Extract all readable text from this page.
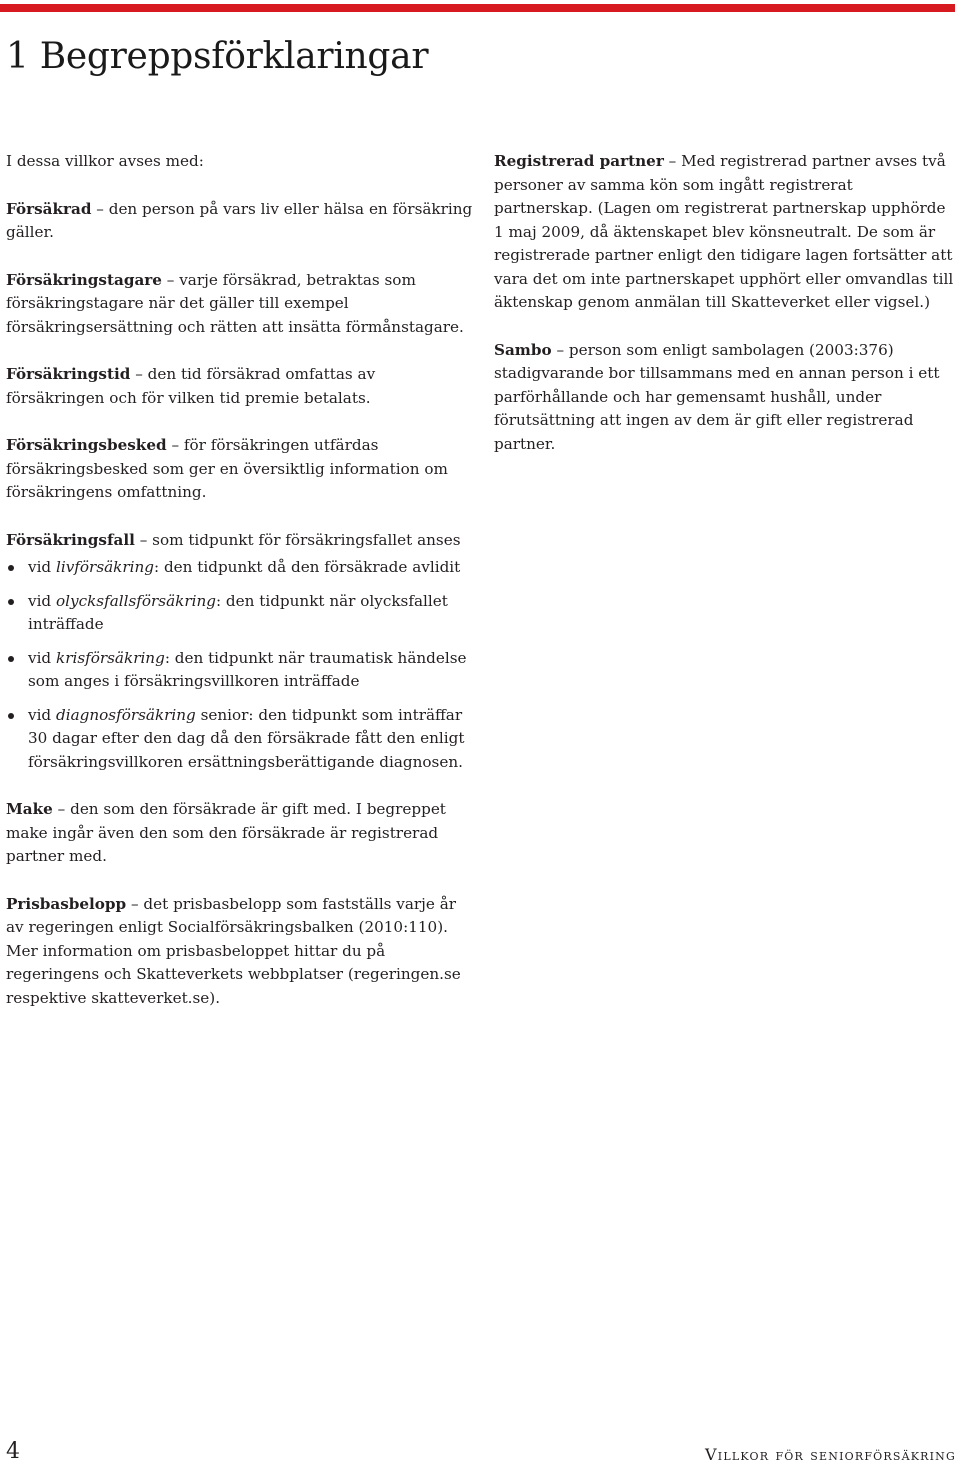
1 Begreppsförklaringar

I dessa villkor avses med:

Försäkrad – den person på vars liv eller hälsa en försäkring gäller.

Försäkringstagare – varje försäkrad, betraktas som försäkringstagare när det gäller till exempel försäkringsersättning och rätten att insätta förmånstagare.

Försäkringstid – den tid försäkrad omfattas av försäkringen och för vilken tid premie betalats.

Försäkringsbesked – för försäkringen utfärdas försäkringsbesked som ger en översiktlig information om försäkringens omfattning.

Försäkringsfall – som tidpunkt för försäkringsfallet anses

vid livförsäkring: den tidpunkt då den försäkrade avlidit
vid olycksfallsförsäkring: den tidpunkt när olycksfallet inträffade
vid krisförsäkring: den tidpunkt när traumatisk händelse som anges i försäkringsvillkoren inträffade
vid diagnosförsäkring senior: den tidpunkt som inträffar 30 dagar efter den dag då den försäkrade fått den enligt försäkringsvillkoren ersättningsberättigande diagnosen.

Make – den som den försäkrade är gift med. I begreppet make ingår även den som den försäkrade är registrerad partner med.

Prisbasbelopp – det prisbasbelopp som fastställs varje år av regeringen enligt Socialförsäkringsbalken (2010:110). Mer information om prisbasbeloppet hittar du på regeringens och Skatteverkets webbplatser (regeringen.se respektive skatteverket.se).

Registrerad partner – Med registrerad partner avses två personer av samma kön som ingått registrerat partnerskap. (Lagen om registrerat partnerskap upphörde 1 maj 2009, då äktenskapet blev könsneutralt. De som är registrerade partner enligt den tidigare lagen fortsätter att vara det om inte partnerskapet upphört eller omvandlas till äktenskap genom anmälan till Skatteverket eller vigsel.)

Sambo – person som enligt sambolagen (2003:376) stadigvarande bor tillsammans med en annan person i ett parförhållande och har gemensamt hushåll, under förutsättning att ingen av dem är gift eller registrerad partner.

4	Villkor för seniorförsäkring
